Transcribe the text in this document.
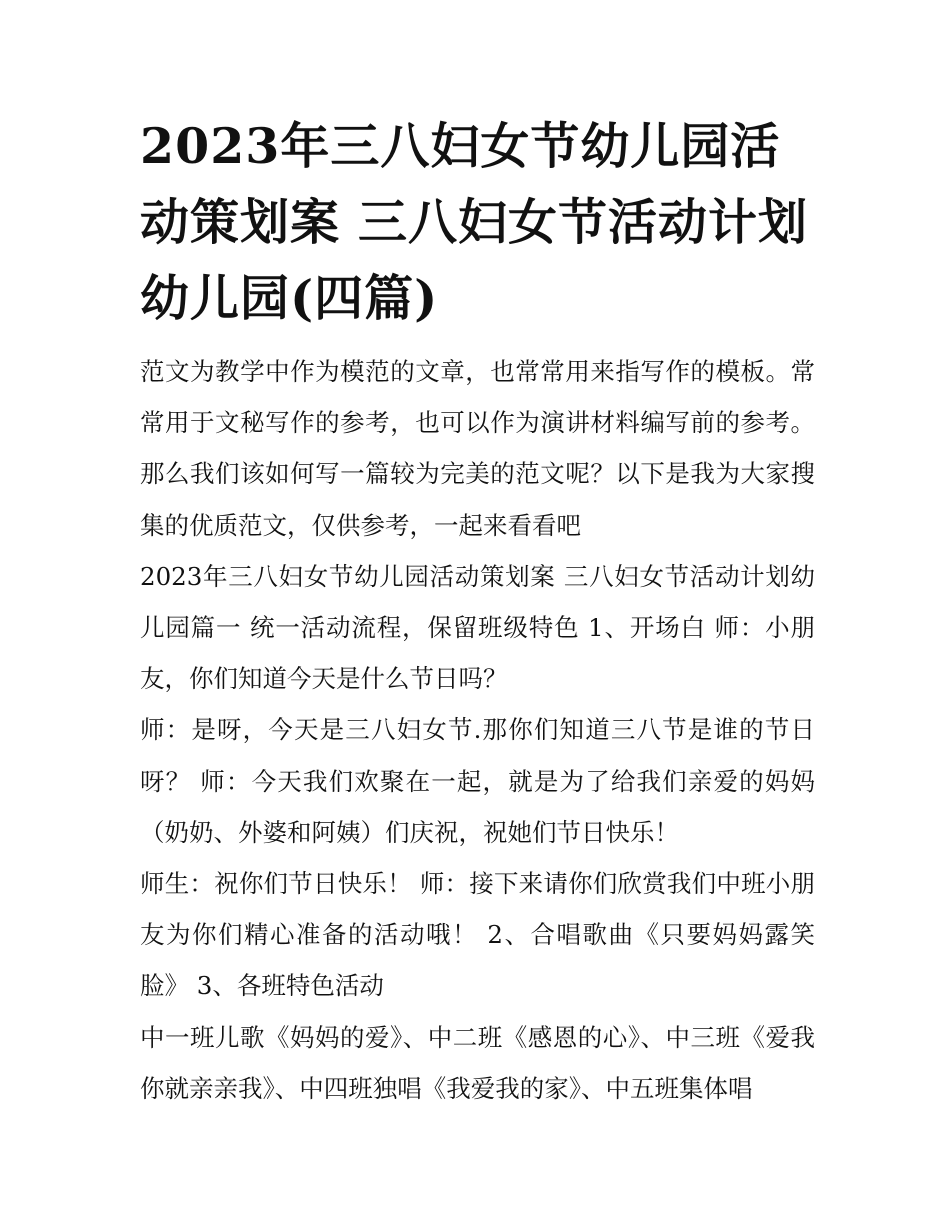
2023年三八妇女节幼儿园活动策划案 三八妇女节活动计划幼儿园(四篇)

范文为教学中作为模范的文章，也常常用来指写作的模板。常常用于文秘写作的参考，也可以作为演讲材料编写前的参考。那么我们该如何写一篇较为完美的范文呢？以下是我为大家搜集的优质范文，仅供参考，一起来看看吧

2023年三八妇女节幼儿园活动策划案 三八妇女节活动计划幼儿园篇一 统一活动流程，保留班级特色 1、开场白 师：小朋友，你们知道今天是什么节日吗？

师：是呀，今天是三八妇女节.那你们知道三八节是谁的节日呀？ 师：今天我们欢聚在一起，就是为了给我们亲爱的妈妈（奶奶、外婆和阿姨）们庆祝，祝她们节日快乐！

师生：祝你们节日快乐！ 师：接下来请你们欣赏我们中班小朋友为你们精心准备的活动哦！ 2、合唱歌曲《只要妈妈露笑脸》 3、各班特色活动

中一班儿歌《妈妈的爱》、中二班《感恩的心》、中三班《爱我你就亲亲我》、中四班独唱《我爱我的家》、中五班集体唱
